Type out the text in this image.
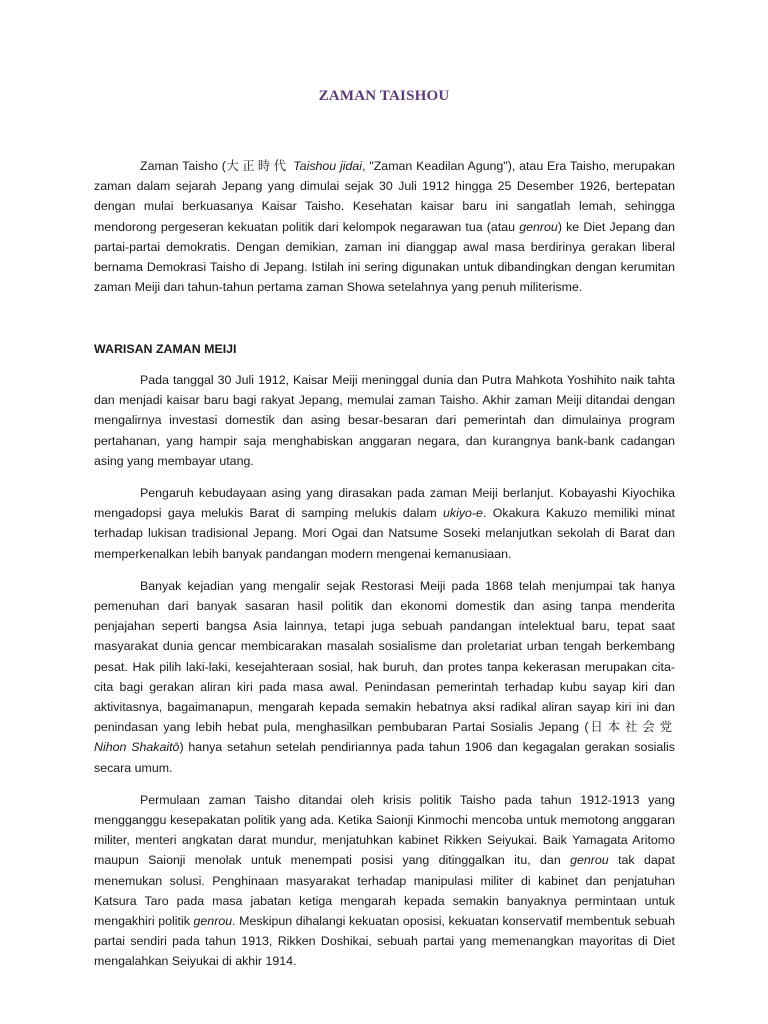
ZAMAN TAISHOU

Zaman Taisho (大正時代 Taishou jidai, "Zaman Keadilan Agung"), atau Era Taisho, merupakan zaman dalam sejarah Jepang yang dimulai sejak 30 Juli 1912 hingga 25 Desember 1926, bertepatan dengan mulai berkuasanya Kaisar Taisho. Kesehatan kaisar baru ini sangatlah lemah, sehingga mendorong pergeseran kekuatan politik dari kelompok negarawan tua (atau genrou) ke Diet Jepang dan partai-partai demokratis. Dengan demikian, zaman ini dianggap awal masa berdirinya gerakan liberal bernama Demokrasi Taisho di Jepang. Istilah ini sering digunakan untuk dibandingkan dengan kerumitan zaman Meiji dan tahun-tahun pertama zaman Showa setelahnya yang penuh militerisme.

WARISAN ZAMAN MEIJI

Pada tanggal 30 Juli 1912, Kaisar Meiji meninggal dunia dan Putra Mahkota Yoshihito naik tahta dan menjadi kaisar baru bagi rakyat Jepang, memulai zaman Taisho. Akhir zaman Meiji ditandai dengan mengalirnya investasi domestik dan asing besar-besaran dari pemerintah dan dimulainya program pertahanan, yang hampir saja menghabiskan anggaran negara, dan kurangnya bank-bank cadangan asing yang membayar utang.

Pengaruh kebudayaan asing yang dirasakan pada zaman Meiji berlanjut. Kobayashi Kiyochika mengadopsi gaya melukis Barat di samping melukis dalam ukiyo-e. Okakura Kakuzo memiliki minat terhadap lukisan tradisional Jepang. Mori Ogai dan Natsume Soseki melanjutkan sekolah di Barat dan memperkenalkan lebih banyak pandangan modern mengenai kemanusiaan.

Banyak kejadian yang mengalir sejak Restorasi Meiji pada 1868 telah menjumpai tak hanya pemenuhan dari banyak sasaran hasil politik dan ekonomi domestik dan asing tanpa menderita penjajahan seperti bangsa Asia lainnya, tetapi juga sebuah pandangan intelektual baru, tepat saat masyarakat dunia gencar membicarakan masalah sosialisme dan proletariat urban tengah berkembang pesat. Hak pilih laki-laki, kesejahteraan sosial, hak buruh, dan protes tanpa kekerasan merupakan cita-cita bagi gerakan aliran kiri pada masa awal. Penindasan pemerintah terhadap kubu sayap kiri dan aktivitasnya, bagaimanapun, mengarah kepada semakin hebatnya aksi radikal aliran sayap kiri ini dan penindasan yang lebih hebat pula, menghasilkan pembubaran Partai Sosialis Jepang (日本社会党 Nihon Shakaitō) hanya setahun setelah pendiriannya pada tahun 1906 dan kegagalan gerakan sosialis secara umum.

Permulaan zaman Taisho ditandai oleh krisis politik Taisho pada tahun 1912-1913 yang mengganggu kesepakatan politik yang ada. Ketika Saionji Kinmochi mencoba untuk memotong anggaran militer, menteri angkatan darat mundur, menjatuhkan kabinet Rikken Seiyukai. Baik Yamagata Aritomo maupun Saionji menolak untuk menempati posisi yang ditinggalkan itu, dan genrou tak dapat menemukan solusi. Penghinaan masyarakat terhadap manipulasi militer di kabinet dan penjatuhan Katsura Taro pada masa jabatan ketiga mengarah kepada semakin banyaknya permintaan untuk mengakhiri politik genrou. Meskipun dihalangi kekuatan oposisi, kekuatan konservatif membentuk sebuah partai sendiri pada tahun 1913, Rikken Doshikai, sebuah partai yang memenangkan mayoritas di Diet mengalahkan Seiyukai di akhir 1914.
